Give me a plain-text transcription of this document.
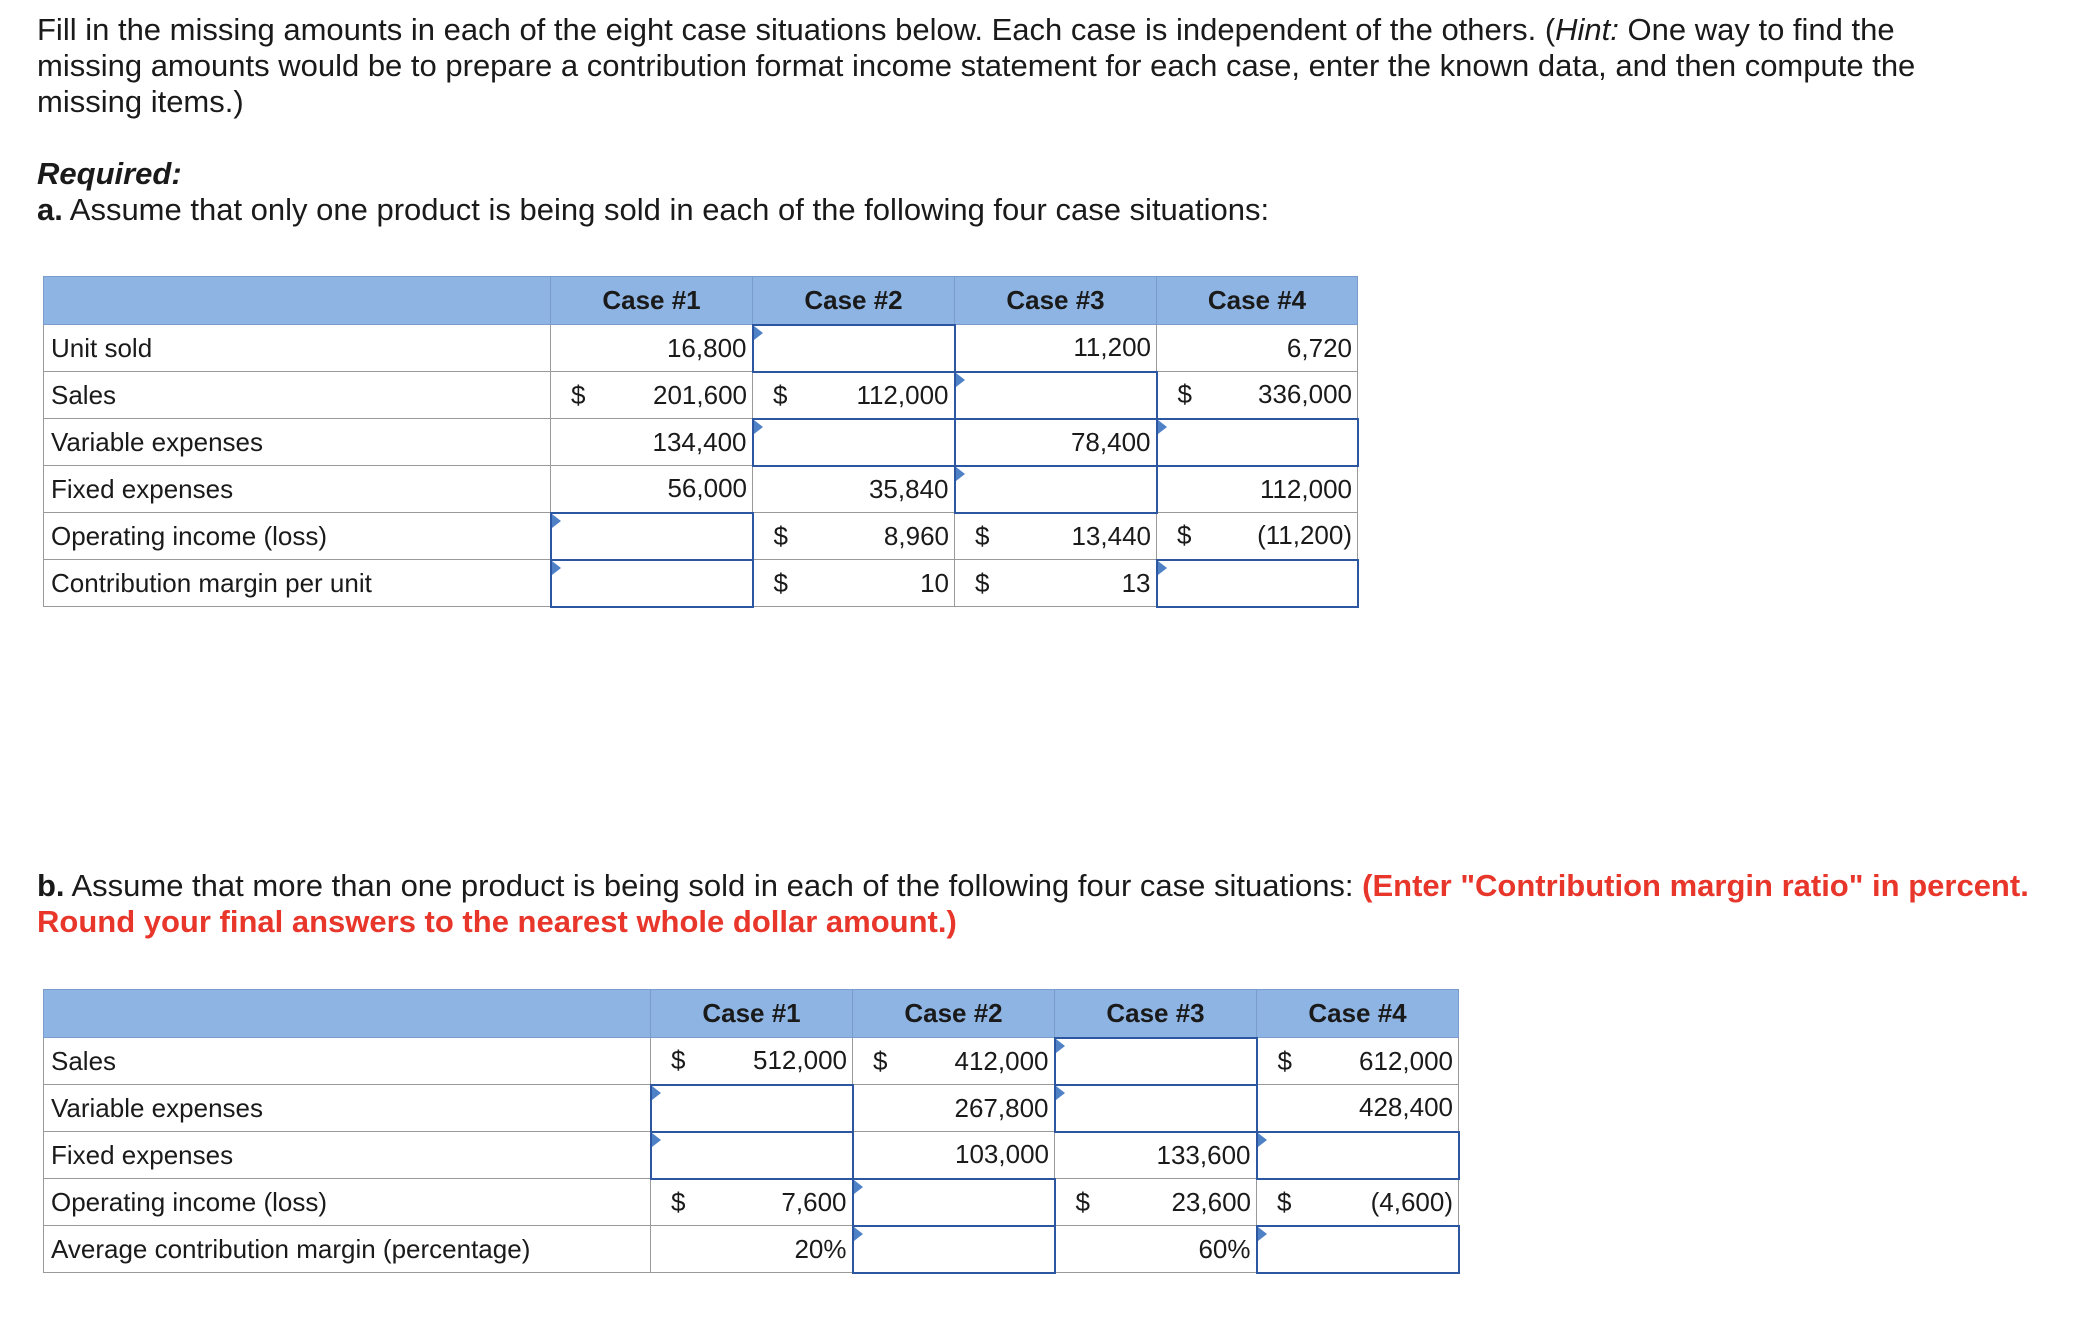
Fill in the missing amounts in each of the eight case situations below. Each case is independent of the others. (Hint: One way to find the missing amounts would be to prepare a contribution format income statement for each case, enter the known data, and then compute the missing items.)

Required:

a. Assume that only one product is being sold in each of the following four case situations:

	Case #1		Case #2		Case #3		Case #4	
Unit sold	16,800				11,200		6,720	
Sales	$	201,600	$	112,000			$	336,000
Variable expenses	134,400				78,400			
Fixed expenses	56,000		35,840				112,000	
Operating income (loss)			$	8,960	$	13,440	$	(11,200)
Contribution margin per unit			$	10	$	13		

b. Assume that more than one product is being sold in each of the following four case situations: (Enter "Contribution margin ratio" in percent. Round your final answers to the nearest whole dollar amount.)

	Case #1		Case #2		Case #3		Case #4	
Sales	$	512,000	$	412,000			$	612,000
Variable expenses			267,800				428,400	
Fixed expenses			103,000		133,600			
Operating income (loss)	$	7,600			$	23,600	$	(4,600)
Average contribution margin (percentage)	20%				60%			
